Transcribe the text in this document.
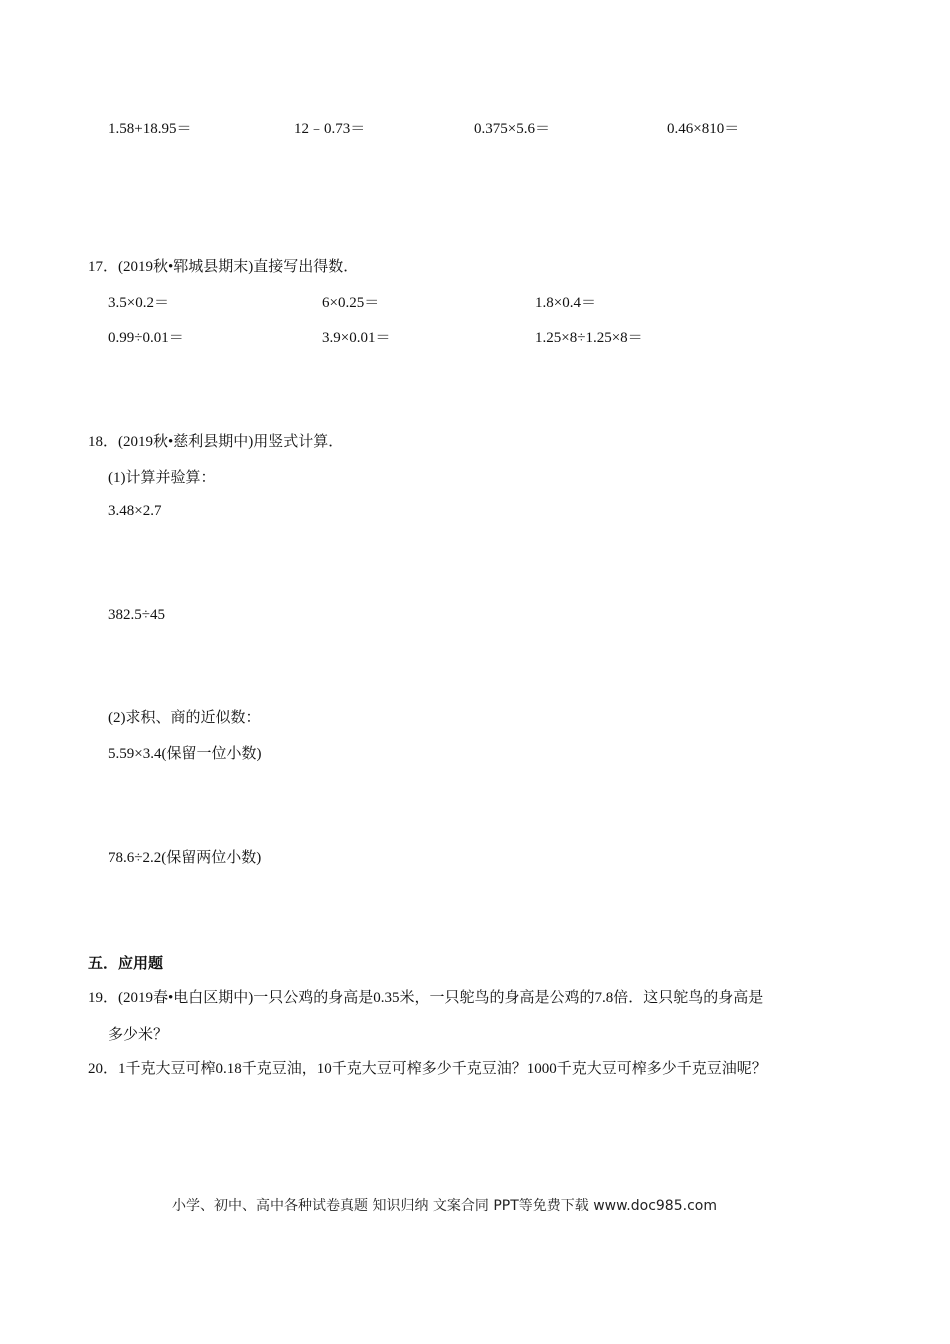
1.58+18.95＝	12﹣0.73＝	0.375×5.6＝	0.46×810＝
17．(2019秋•郓城县期末)直接写出得数．
3.5×0.2＝	6×0.25＝	1.8×0.4＝
0.99÷0.01＝	3.9×0.01＝	1.25×8÷1.25×8＝
18．(2019秋•慈利县期中)用竖式计算．
(1)计算并验算：
3.48×2.7
382.5÷45
(2)求积、商的近似数：
5.59×3.4(保留一位小数)
78.6÷2.2(保留两位小数)
五．应用题
19．(2019春•电白区期中)一只公鸡的身高是0.35米，一只鸵鸟的身高是公鸡的7.8倍．这只鸵鸟的身高是
多少米？
20．1千克大豆可榨0.18千克豆油，10千克大豆可榨多少千克豆油？1000千克大豆可榨多少千克豆油呢？
小学、初中、高中各种试卷真题 知识归纳 文案合同 PPT等免费下载 www.doc985.com
